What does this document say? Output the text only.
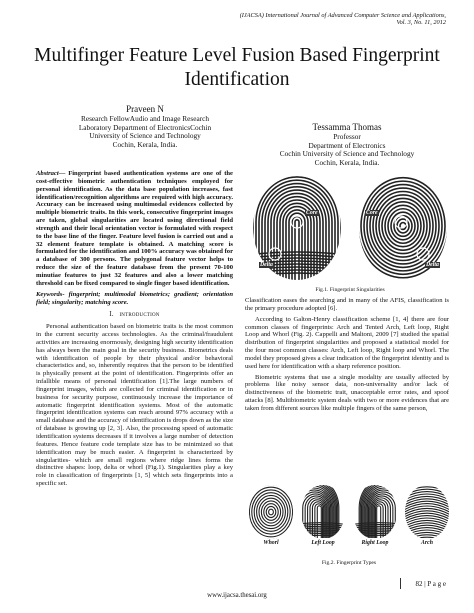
(IJACSA) International Journal of Advanced Computer Science and Applications,
Vol. 3, No. 11, 2012
Multifinger Feature Level Fusion Based Fingerprint
Identification
Praveen N
Research FellowAudio and Image Research
Laboratory Department of ElectronicsCochin
University of Science and Technology
Cochin, Kerala, India.
Tessamma Thomas
Professor
Department of Electronics
Cochin University of Science and Technology
Cochin, Kerala, India.

Abstract— Fingerprint based authentication systems are one of the cost-effective biometric authentication techniques employed for personal identification. As the data base population increases, fast identification/recognition algorithms are required with high accuracy. Accuracy can be increased using multimodal evidences collected by multiple biometric traits. In this work, consecutive fingerprint images are taken, global singularities are located using directional field strength and their local orientation vector is formulated with respect to the base line of the finger. Feature level fusion is carried out and a 32 element feature template is obtained. A matching score is formulated for the identification and 100% accuracy was obtained for a database of 300 persons. The polygonal feature vector helps to reduce the size of the feature database from the present 70-100 minutiae features to just 32 features and also a lower matching threshold can be fixed compared to single finger based identification.

Keywords- fingerprint; multimodal biometrics; gradient; orientation field; singularity; matching score.

I. introduction

Personal authentication based on biometric traits is the most common in the current security access technologies. As the criminal/fraudulent activities are increasing enormously, designing high security identification has always been the main goal in the security business. Biometrics deals with identification of people by their physical and/or behavioral characteristics and, so, inherently requires that the person to be identified is physically present at the point of identification. Fingerprints offer an infallible means of personal identification [1].The large numbers of fingerprint images, which are collected for criminal identification or in business for security purpose, continuously increase the importance of automatic fingerprint identification systems. Most of the automatic fingerprint identification systems can reach around 97% accuracy with a small database and the accuracy of identification is drops down as the size of database is growing up [2, 3]. Also, the processing speed of automatic identification systems decreases if it involves a large number of detection features. Hence feature code template size has to be minimized so that identification may be much easier. A fingerprint is characterized by singularities- which are small regions where ridge lines forms the distinctive shapes: loop, delta or whorl (Fig.1). Singularities play a key role in classification of fingerprints [1, 5] which sets fingerprints into a specific set.

Core
Delta
Core
Delta
Fig.1. Fingerprint Singularities

Classification eases the searching and in many of the AFIS, classification is the primary procedure adopted [6].

According to Galton-Henry classification scheme [1, 4] there are four common classes of fingerprints: Arch and Tented Arch, Left loop, Right Loop and Whorl (Fig. 2). Cappelli and Maltoni, 2009 [7] studied the spatial distribution of fingerprint singularities and proposed a statistical model for the four most common classes: Arch, Left loop, Right loop and Whorl. The model they proposed gives a clear indication of the fingerprint identity and is used here for identification with a sharp reference position.

Biometric systems that use a single modality are usually affected by problems like noisy sensor data, non-universality and/or lack of distinctiveness of the biometric trait, unacceptable error rates, and spoof attacks [8]. Multibiometric system deals with two or more evidences that are taken from different sources like multiple fingers of the same person,

Whorl	Left Loop	Right Loop	Arch
Fig.2. Fingerprint Types
82 | P a g e
www.ijacsa.thesai.org
